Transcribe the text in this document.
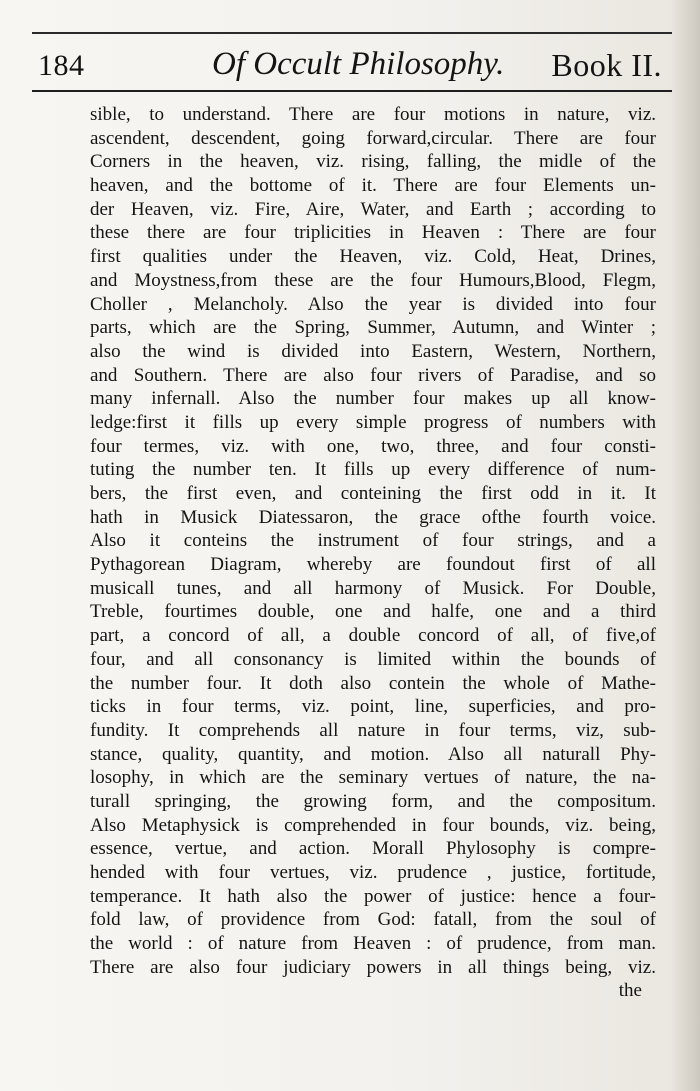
184	Of Occult Philosophy. Book II.
sible, to understand. There are four motions in nature, viz.
ascendent, descendent, going forward,circular. There are four
Corners in the heaven, viz. rising, falling, the midle of the
heaven, and the bottome of it. There are four Elements un-
der Heaven, viz. Fire, Aire, Water, and Earth ; according to
these there are four triplicities in Heaven : There are four
first qualities under the Heaven, viz. Cold, Heat, Drines,
and Moystness,from these are the four Humours,Blood, Flegm,
Choller , Melancholy. Also the year is divided into four
parts, which are the Spring, Summer, Autumn, and Winter ;
also the wind is divided into Eastern, Western, Northern,
and Southern. There are also four rivers of Paradise, and so
many infernall. Also the number four makes up all know-
ledge:first it fills up every simple progress of numbers with
four termes, viz. with one, two, three, and four consti-
tuting the number ten. It fills up every difference of num-
bers, the first even, and conteining the first odd in it. It
hath in Musick Diatessaron, the grace ofthe fourth voice.
Also it conteins the instrument of four strings, and a
Pythagorean Diagram, whereby are foundout first of all
musicall tunes, and all harmony of Musick. For Double,
Treble, fourtimes double, one and halfe, one and a third
part, a concord of all, a double concord of all, of five,of
four, and all consonancy is limited within the bounds of
the number four. It doth also contein the whole of Mathe-
ticks in four terms, viz. point, line, superficies, and pro-
fundity. It comprehends all nature in four terms, viz, sub-
stance, quality, quantity, and motion. Also all naturall Phy-
losophy, in which are the seminary vertues of nature, the na-
turall springing, the growing form, and the compositum.
Also Metaphysick is comprehended in four bounds, viz. being,
essence, vertue, and action. Morall Phylosophy is compre-
hended with four vertues, viz. prudence , justice, fortitude,
temperance. It hath also the power of justice: hence a four-
fold law, of providence from God: fatall, from the soul of
the world : of nature from Heaven : of prudence, from man.
There are also four judiciary powers in all things being, viz.
the
